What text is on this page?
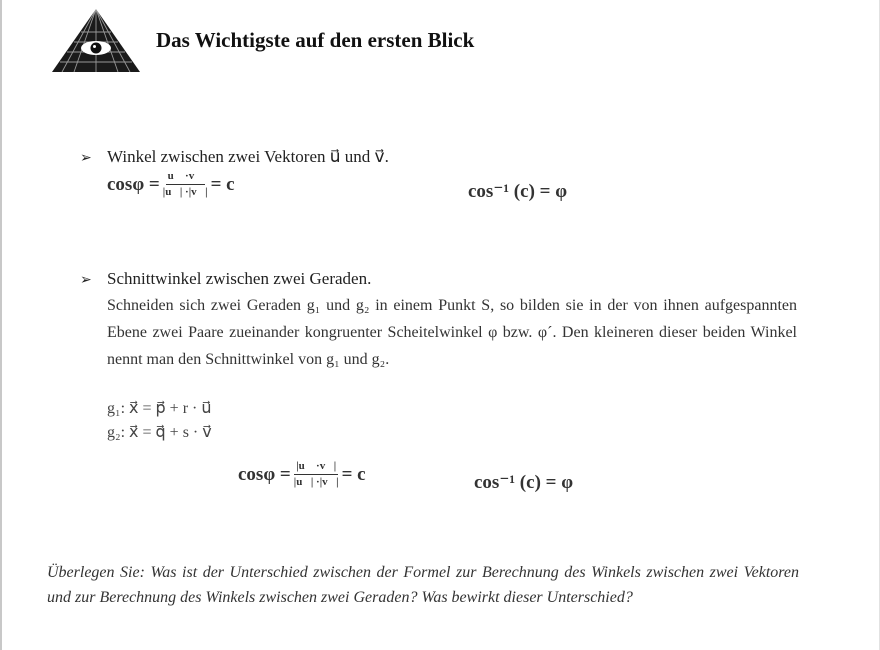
Das Wichtigste auf den ersten Blick
➢ Winkel zwischen zwei Vektoren u⃗ und v⃗.
$\cos\varphi = \frac{u⃗ \cdot v⃗}{|u⃗| \cdot|v⃗|} = c$	cos⁻¹ (c) = φ
➢ Schnittwinkel zwischen zwei Geraden.
Schneiden sich zwei Geraden g₁ und g₂ in einem Punkt S, so bilden sie in der von ihnen aufgespannten Ebene zwei Paare zueinander kongruenter Scheitelwinkel φ bzw. φ´. Den kleineren dieser beiden Winkel nennt man den Schnittwinkel von g₁ und g₂.
g₁: x⃗ = p⃗ + r · u⃗
g₂: x⃗ = q⃗ + s · v⃗
$\cos\varphi = \frac{|u⃗ \cdot v⃗|}{|u⃗| \cdot|v⃗|} = c$	cos⁻¹ (c) = φ
Überlegen Sie: Was ist der Unterschied zwischen der Formel zur Berechnung des Winkels zwischen zwei Vektoren und zur Berechnung des Winkels zwischen zwei Geraden? Was bewirkt dieser Unterschied?
